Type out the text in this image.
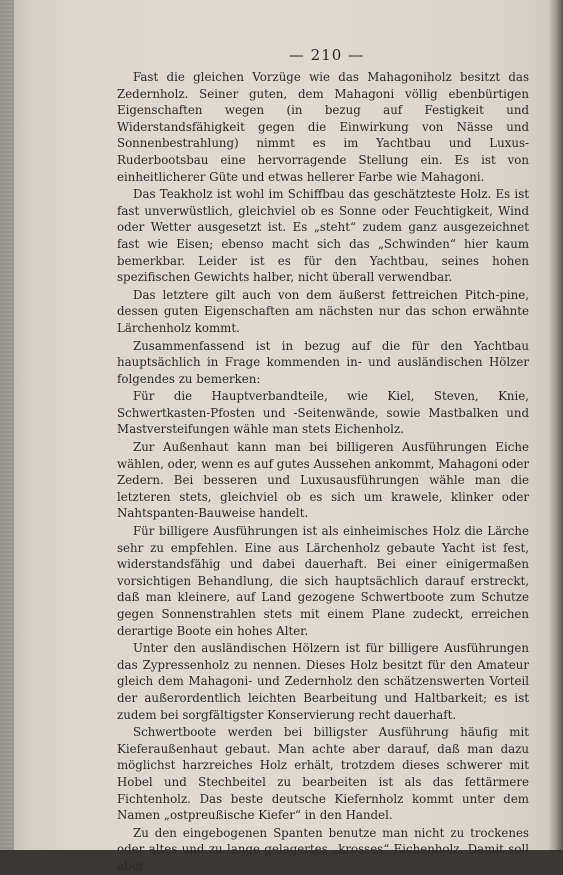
— 210 —

Fast die gleichen Vorzüge wie das Mahagoniholz besitzt das Zedernholz. Seiner guten, dem Mahagoni völlig ebenbürtigen Eigenschaften wegen (in bezug auf Festigkeit und Widerstandsfähigkeit gegen die Einwirkung von Nässe und Sonnenbestrahlung) nimmt es im Yachtbau und Luxus-Ruderbootsbau eine hervorragende Stellung ein. Es ist von einheitlicherer Güte und etwas hellerer Farbe wie Mahagoni.

Das Teakholz ist wohl im Schiffbau das geschätzteste Holz. Es ist fast unverwüstlich, gleichviel ob es Sonne oder Feuchtigkeit, Wind oder Wetter ausgesetzt ist. Es „steht“ zudem ganz ausgezeichnet fast wie Eisen; ebenso macht sich das „Schwinden“ hier kaum bemerkbar. Leider ist es für den Yachtbau, seines hohen spezifischen Gewichts halber, nicht überall verwendbar.

Das letztere gilt auch von dem äußerst fettreichen Pitch-pine, dessen guten Eigenschaften am nächsten nur das schon erwähnte Lärchenholz kommt.

Zusammenfassend ist in bezug auf die für den Yachtbau hauptsächlich in Frage kommenden in- und ausländischen Hölzer folgendes zu bemerken:

Für die Hauptverbandteile, wie Kiel, Steven, Knie, Schwertkasten-Pfosten und -Seitenwände, sowie Mastbalken und Mastversteifungen wähle man stets Eichenholz.

Zur Außenhaut kann man bei billigeren Ausführungen Eiche wählen, oder, wenn es auf gutes Aussehen ankommt, Mahagoni oder Zedern. Bei besseren und Luxusausführungen wähle man die letzteren stets, gleichviel ob es sich um krawele, klinker oder Nahtspanten-Bauweise handelt.

Für billigere Ausführungen ist als einheimisches Holz die Lärche sehr zu empfehlen. Eine aus Lärchenholz gebaute Yacht ist fest, widerstandsfähig und dabei dauerhaft. Bei einer einigermaßen vorsichtigen Behandlung, die sich hauptsächlich darauf erstreckt, daß man kleinere, auf Land gezogene Schwertboote zum Schutze gegen Sonnenstrahlen stets mit einem Plane zudeckt, erreichen derartige Boote ein hohes Alter.

Unter den ausländischen Hölzern ist für billigere Ausführungen das Zypressenholz zu nennen. Dieses Holz besitzt für den Amateur gleich dem Mahagoni- und Zedernholz den schätzenswerten Vorteil der außerordentlich leichten Bearbeitung und Haltbarkeit; es ist zudem bei sorgfältigster Konservierung recht dauerhaft.

Schwertboote werden bei billigster Ausführung häufig mit Kieferaußenhaut gebaut. Man achte aber darauf, daß man dazu möglichst harzreiches Holz erhält, trotzdem dieses schwerer mit Hobel und Stechbeitel zu bearbeiten ist als das fettärmere Fichtenholz. Das beste deutsche Kiefernholz kommt unter dem Namen „ostpreußische Kiefer“ in den Handel.

Zu den eingebogenen Spanten benutze man nicht zu trockenes oder altes und zu lange gelagertes „krosses“ Eichenholz. Damit soll aber
